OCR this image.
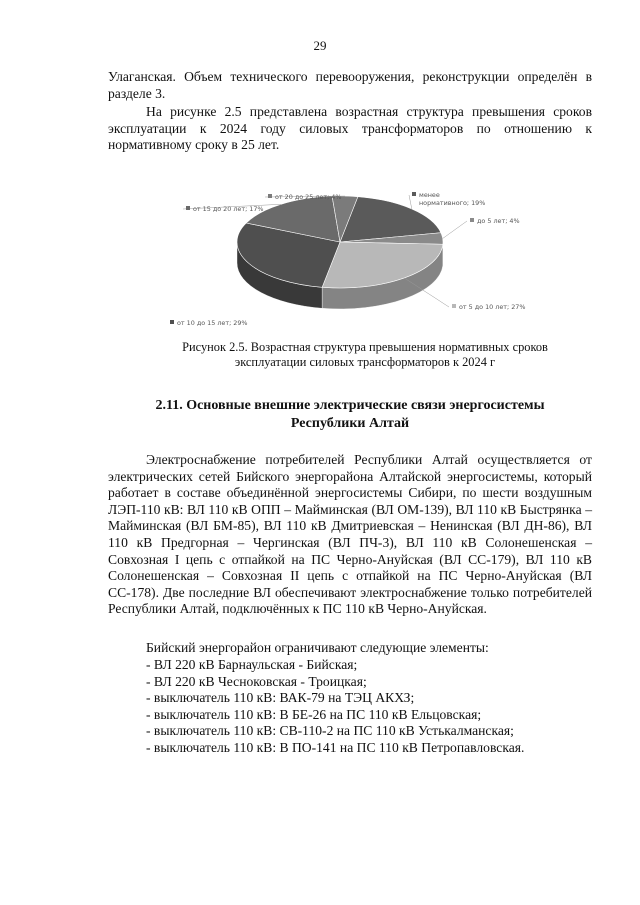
29

Улаганская. Объем технического перевооружения, реконструкции определён в разделе 3.

На рисунке 2.5 представлена возрастная структура превышения сроков эксплуатации к 2024 году силовых трансформаторов по отношению к нормативному сроку в 25 лет.

менее
нормативного; 19%
до 5 лет; 4%
от 5 до 10 лет; 27%
от 10 до 15 лет; 29%
от 15 до 20 лет; 17%
от 20 до 25 лет; 4%
Рисунок 2.5. Возрастная структура превышения нормативных сроков
эксплуатации силовых трансформаторов к 2024 г
2.11. Основные внешние электрические связи энергосистемы
Республики Алтай

Электроснабжение потребителей Республики Алтай осуществляется от электрических сетей Бийского энергорайона Алтайской энергосистемы, который работает в составе объединённой энергосистемы Сибири, по шести воздушным ЛЭП-110 кВ: ВЛ 110 кВ ОПП – Майминская (ВЛ ОМ-139), ВЛ 110 кВ Быстрянка – Майминская (ВЛ БМ-85), ВЛ 110 кВ Дмитриевская – Ненинская (ВЛ ДН-86), ВЛ 110 кВ Предгорная – Чергинская (ВЛ ПЧ-3), ВЛ 110 кВ Солонешенская – Совхозная I цепь с отпайкой на ПС Черно-Ануйская (ВЛ СС-179), ВЛ 110 кВ Солонешенская – Совхозная II цепь с отпайкой на ПС Черно-Ануйская (ВЛ СС-178). Две последние ВЛ обеспечивают электроснабжение только потребителей Республики Алтай, подключённых к ПС 110 кВ Черно-Ануйская.

Бийский энергорайон ограничивают следующие элементы:

- ВЛ 220 кВ Барнаульская - Бийская;
- ВЛ 220 кВ Чесноковская - Троицкая;
- выключатель 110 кВ: ВАК-79 на ТЭЦ АКХЗ;
- выключатель 110 кВ: В БЕ-26 на ПС 110 кВ Ельцовская;
- выключатель 110 кВ: СВ-110-2 на ПС 110 кВ Устькалманская;
- выключатель 110 кВ: В ПО-141 на ПС 110 кВ Петропавловская.
